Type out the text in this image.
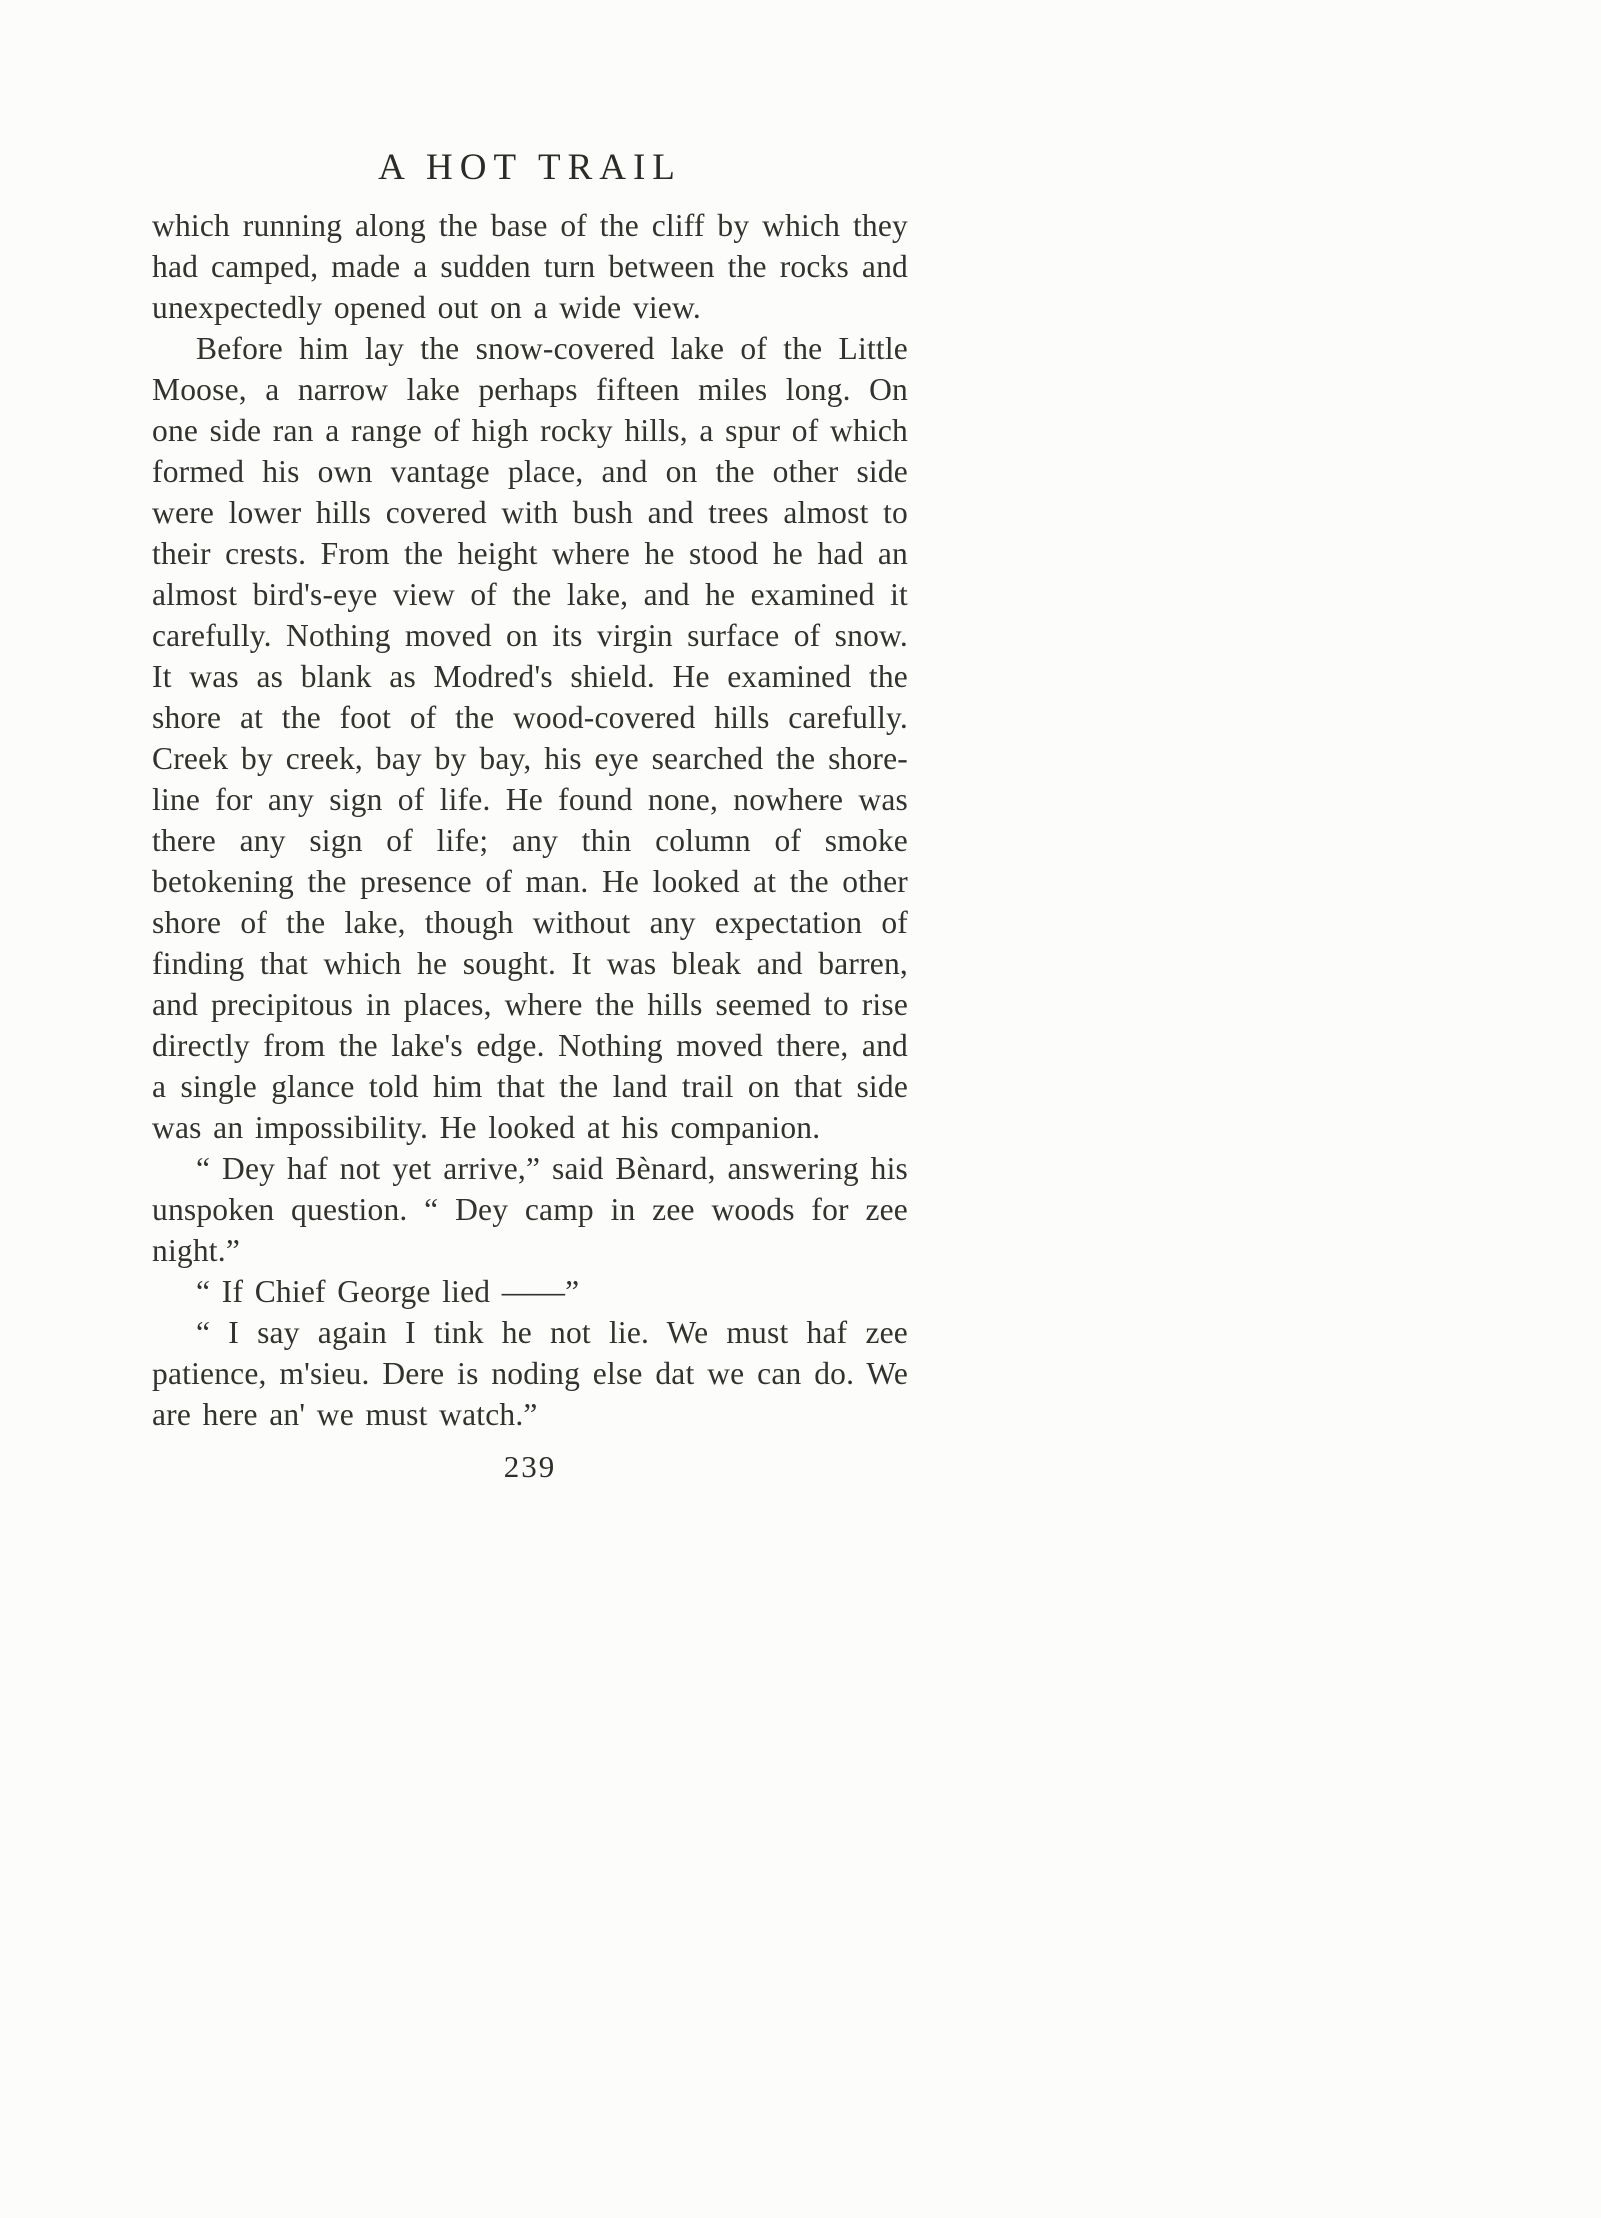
A HOT TRAIL

which running along the base of the cliff by which they had camped, made a sudden turn between the rocks and unexpectedly opened out on a wide view.

Before him lay the snow-covered lake of the Little Moose, a narrow lake perhaps fifteen miles long. On one side ran a range of high rocky hills, a spur of which formed his own vantage place, and on the other side were lower hills covered with bush and trees almost to their crests. From the height where he stood he had an almost bird's-eye view of the lake, and he examined it carefully. Nothing moved on its virgin surface of snow. It was as blank as Modred's shield. He examined the shore at the foot of the wood-covered hills carefully. Creek by creek, bay by bay, his eye searched the shore-line for any sign of life. He found none, nowhere was there any sign of life; any thin column of smoke betokening the presence of man. He looked at the other shore of the lake, though without any expectation of finding that which he sought. It was bleak and barren, and precipitous in places, where the hills seemed to rise directly from the lake's edge. Nothing moved there, and a single glance told him that the land trail on that side was an impossibility. He looked at his companion.

“ Dey haf not yet arrive,” said Bènard, answering his unspoken question. “ Dey camp in zee woods for zee night.”

“ If Chief George lied ——”

“ I say again I tink he not lie. We must haf zee patience, m'sieu. Dere is noding else dat we can do. We are here an' we must watch.”

239
